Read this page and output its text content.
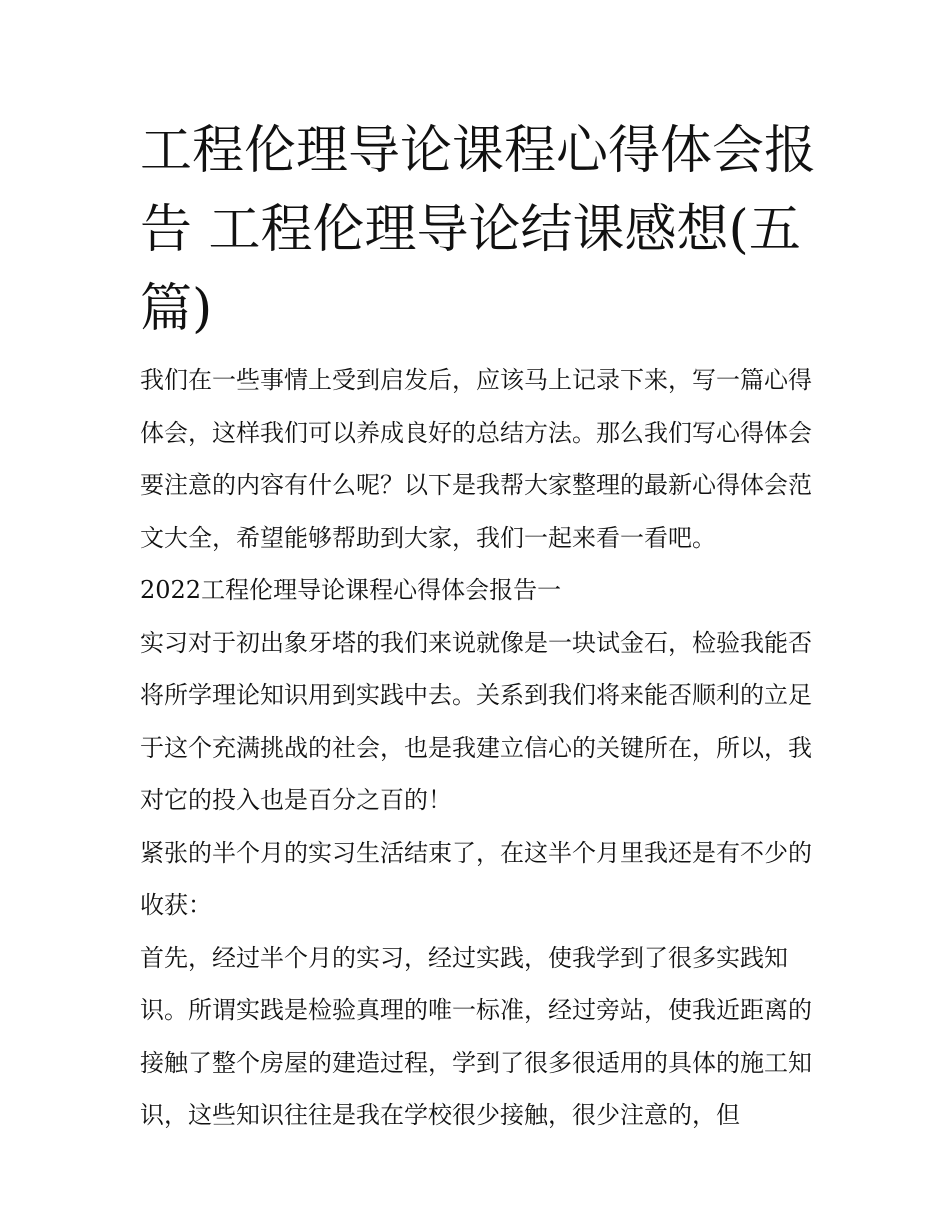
工程伦理导论课程心得体会报告 工程伦理导论结课感想(五篇)

我们在一些事情上受到启发后，应该马上记录下来，写一篇心得体会，这样我们可以养成良好的总结方法。那么我们写心得体会要注意的内容有什么呢？以下是我帮大家整理的最新心得体会范文大全，希望能够帮助到大家，我们一起来看一看吧。

2022工程伦理导论课程心得体会报告一

实习对于初出象牙塔的我们来说就像是一块试金石，检验我能否将所学理论知识用到实践中去。关系到我们将来能否顺利的立足于这个充满挑战的社会，也是我建立信心的关键所在，所以，我对它的投入也是百分之百的！

紧张的半个月的实习生活结束了，在这半个月里我还是有不少的收获：

首先，经过半个月的实习，经过实践，使我学到了很多实践知识。所谓实践是检验真理的唯一标准，经过旁站，使我近距离的接触了整个房屋的建造过程，学到了很多很适用的具体的施工知识，这些知识往往是我在学校很少接触，很少注意的，但
